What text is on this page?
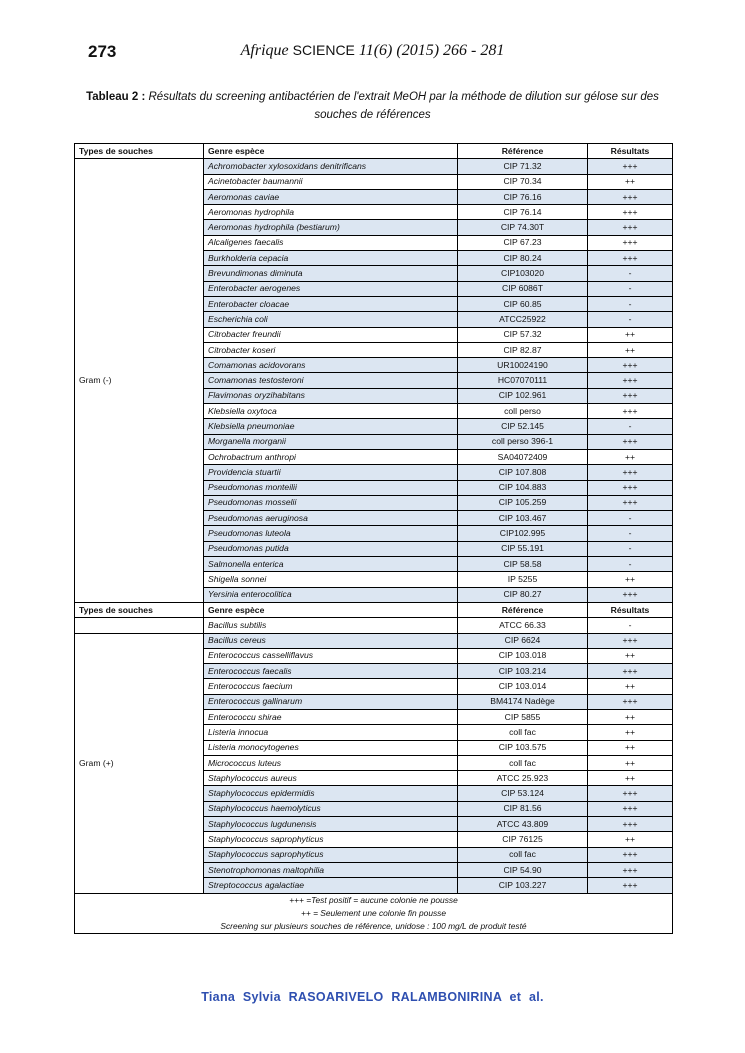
273	Afrique SCIENCE 11(6) (2015) 266 - 281
Tableau 2 : Résultats du screening antibactérien de l'extrait MeOH par la méthode de dilution sur gélose sur des souches de références
Types de souches	Genre espèce	Référence	Résultats
Gram (-)	Achromobacter xylosoxidans denitrificans	CIP 71.32	+++
	Acinetobacter baumannii	CIP 70.34	++
	Aeromonas caviae	CIP 76.16	+++
	Aeromonas hydrophila	CIP 76.14	+++
	Aeromonas hydrophila (bestiarum)	CIP 74.30T	+++
	Alcaligenes faecalis	CIP 67.23	+++
	Burkholderia cepacia	CIP 80.24	+++
	Brevundimonas diminuta	CIP103020	-
	Enterobacter aerogenes	CIP 6086T	-
	Enterobacter cloacae	CIP 60.85	-
	Escherichia coli	ATCC25922	-
	Citrobacter freundii	CIP 57.32	++
	Citrobacter koseri	CIP 82.87	++
	Comamonas acidovorans	UR10024190	+++
	Comamonas testosteroni	HC07070111	+++
	Flavimonas oryzihabitans	CIP 102.961	+++
	Klebsiella oxytoca	coll perso	+++
	Klebsiella pneumoniae	CIP 52.145	-
	Morganella morganii	coll perso 396-1	+++
	Ochrobactrum anthropi	SA04072409	++
	Providencia stuartii	CIP 107.808	+++
	Pseudomonas monteilii	CIP 104.883	+++
	Pseudomonas mosselii	CIP 105.259	+++
	Pseudomonas aeruginosa	CIP 103.467	-
	Pseudomonas luteola	CIP102.995	-
	Pseudomonas putida	CIP 55.191	-
	Salmonella enterica	CIP 58.58	-
	Shigella sonnei	IP 5255	++
	Yersinia enterocolitica	CIP 80.27	+++
Types de souches	Genre espèce	Référence	Résultats
	Bacillus subtilis	ATCC 66.33	-
Gram (+)	Bacillus cereus	CIP 6624	+++
	Enterococcus casselliflavus	CIP 103.018	++
	Enterococcus faecalis	CIP 103.214	+++
	Enterococcus faecium	CIP 103.014	++
	Enterococcus gallinarum	BM4174 Nadège	+++
	Enterococcu shirae	CIP 5855	++
	Listeria innocua	coll fac	++
	Listeria monocytogenes	CIP 103.575	++
	Micrococcus luteus	coll fac	++
	Staphylococcus aureus	ATCC 25.923	++
	Staphylococcus epidermidis	CIP 53.124	+++
	Staphylococcus haemolyticus	CIP 81.56	+++
	Staphylococcus lugdunensis	ATCC 43.809	+++
	Staphylococcus saprophyticus	CIP 76125	++
	Staphylococcus saprophyticus	coll fac	+++
	Stenotrophomonas maltophilia	CIP 54.90	+++
	Streptococcus agalactiae	CIP 103.227	+++

+++ =Test positif = aucune colonie ne pousse
++ = Seulement une colonie fin pousse
Screening sur plusieurs souches de référence, unidose : 100 mg/L de produit testé			
Tiana Sylvia RASOARIVELO RALAMBONIRINA et al.
